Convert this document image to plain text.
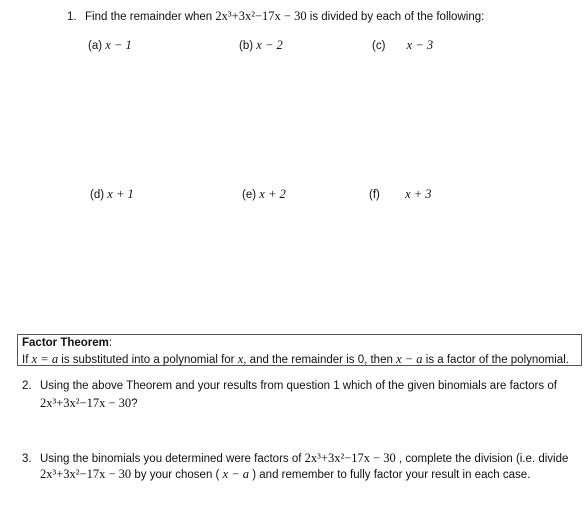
1. Find the remainder when 2x³+3x²−17x − 30 is divided by each of the following:
(a) x − 1	(b) x − 2	(c) x − 3
(d) x + 1	(e) x + 2	(f) x + 3
Factor Theorem:
If x = a is substituted into a polynomial for x, and the remainder is 0, then x − a is a factor of the polynomial.
2. Using the above Theorem and your results from question 1 which of the given binomials are factors of
2x³+3x²−17x − 30?
3. Using the binomials you determined were factors of 2x³+3x²−17x − 30 , complete the division (i.e. divide
2x³+3x²−17x − 30 by your chosen ( x − a ) and remember to fully factor your result in each case.
